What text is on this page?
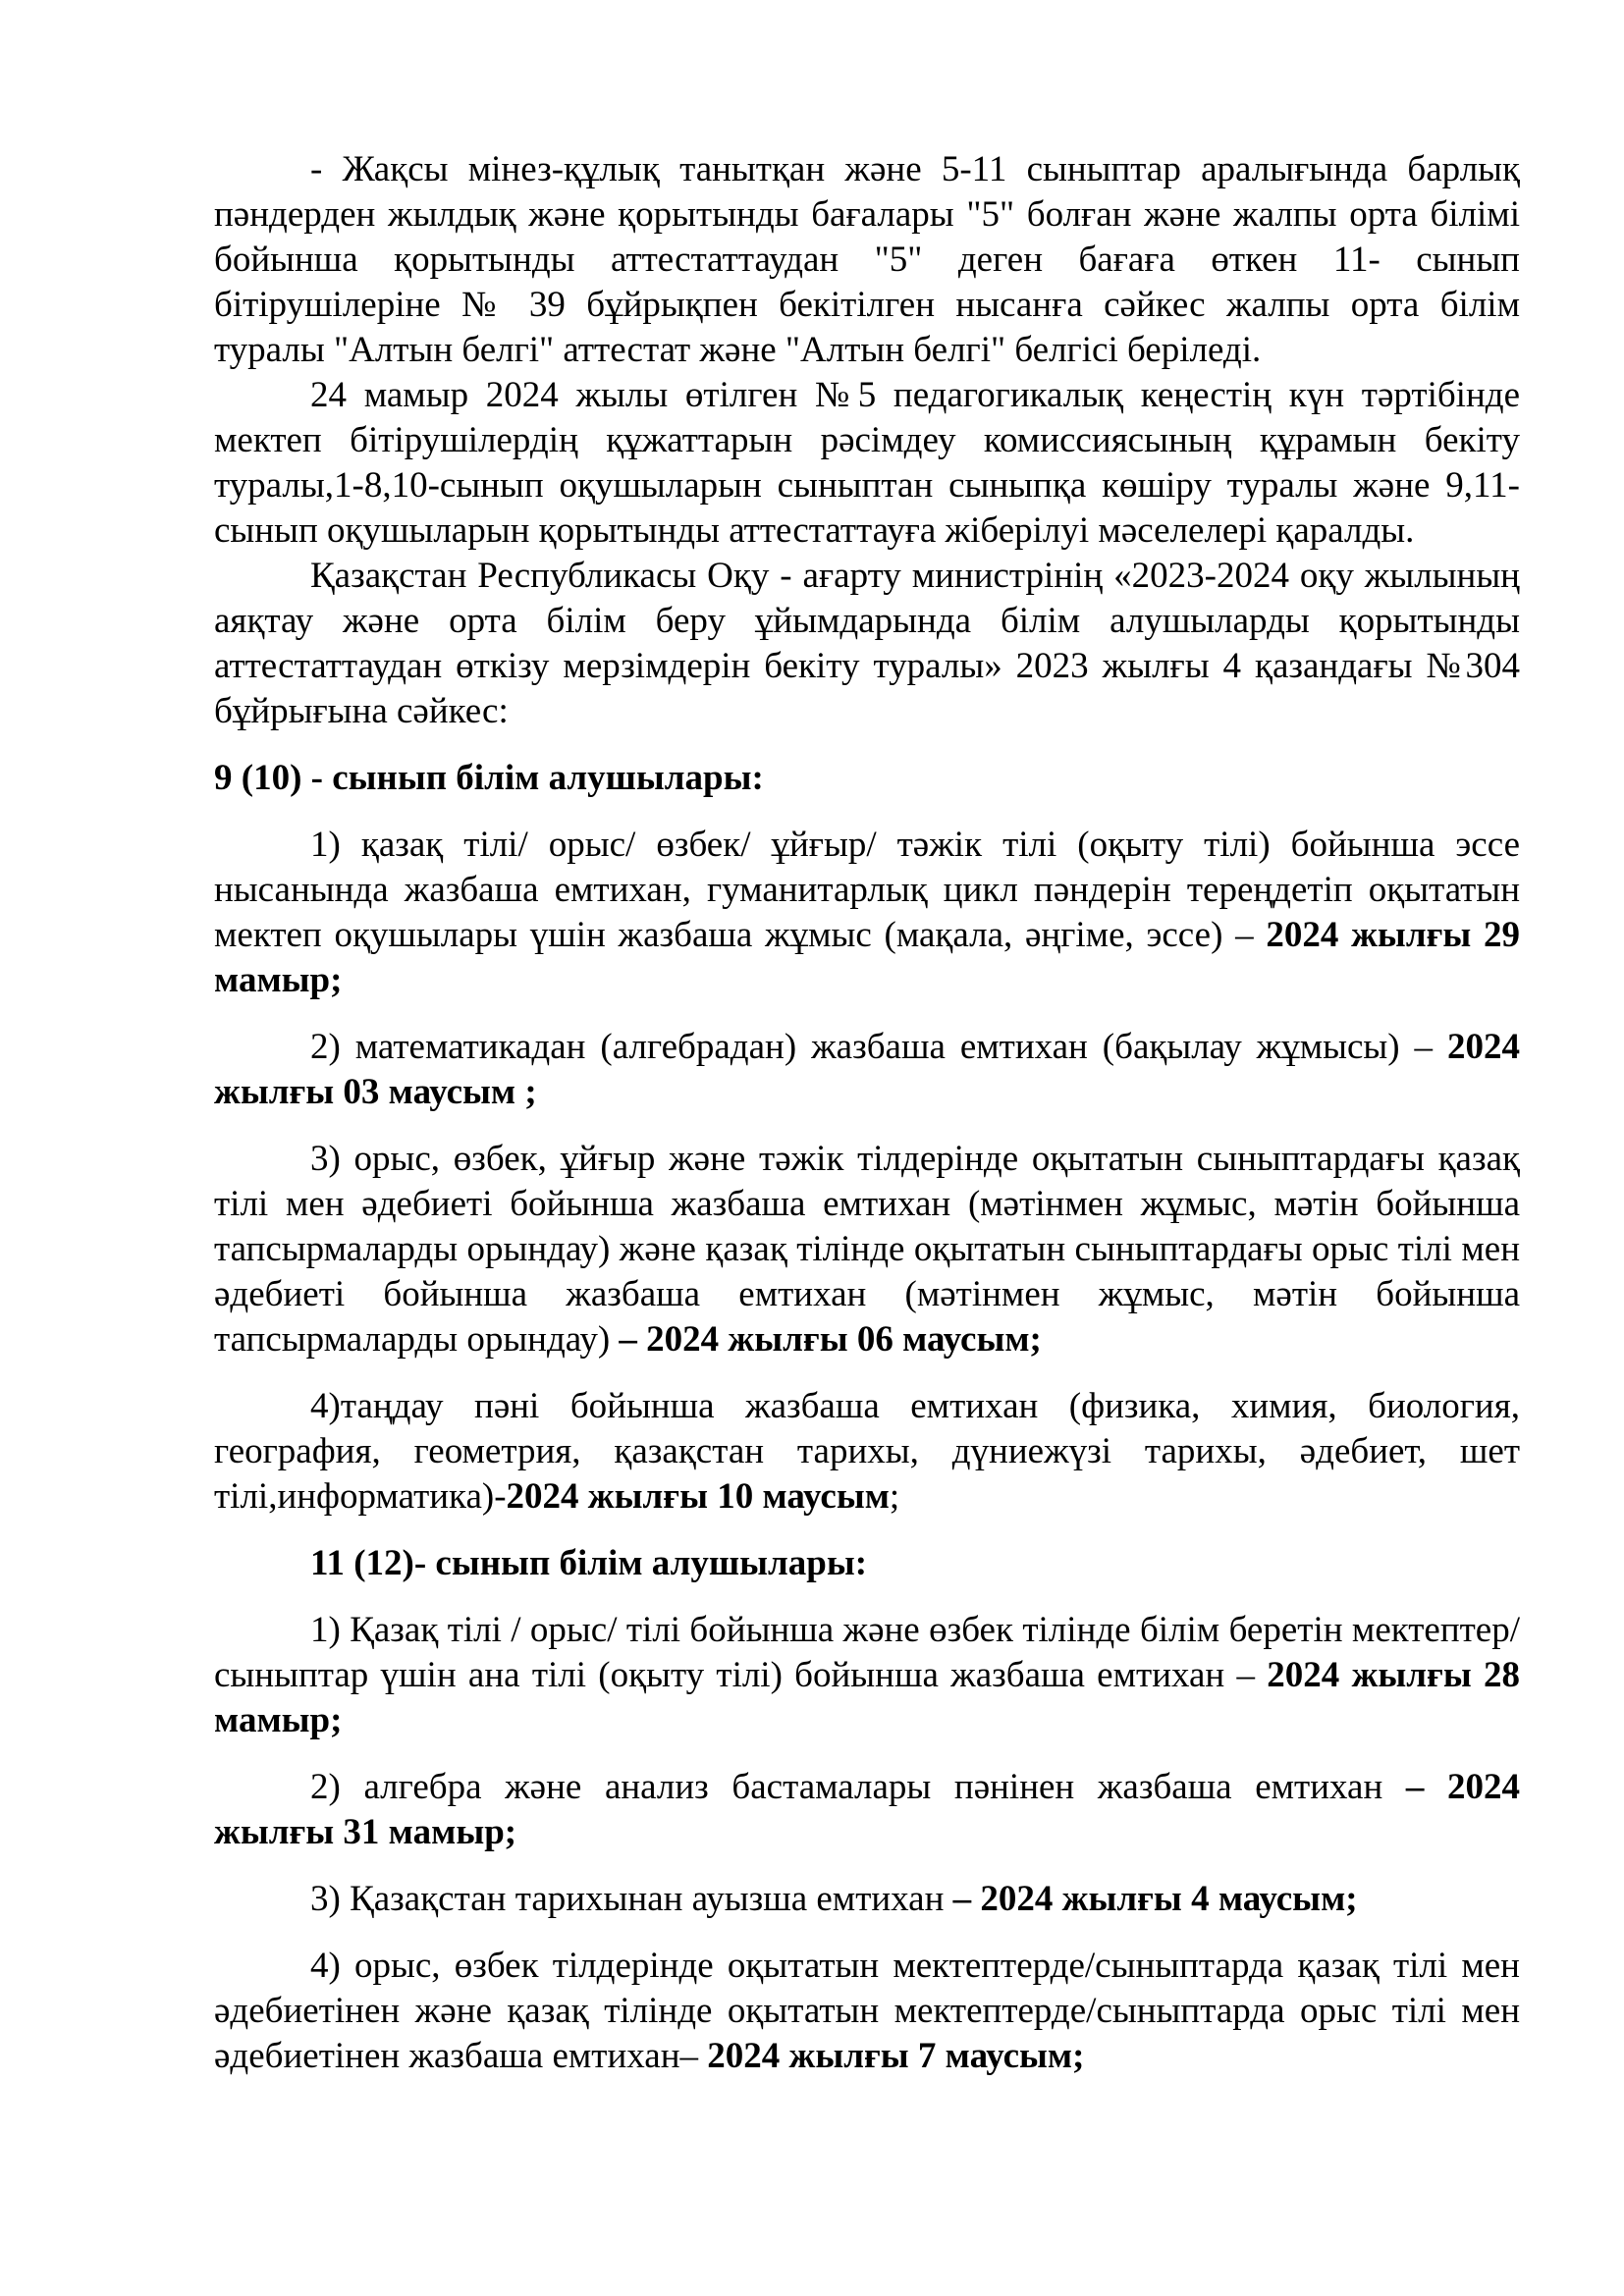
- Жақсы мінез-құлық танытқан және 5-11 сыныптар аралығында барлық пәндерден жылдық және қорытынды бағалары "5" болған және жалпы орта білімі бойынша қорытынды аттестаттаудан "5" деген бағаға өткен 11- сынып бітірушілеріне № 39 бұйрықпен бекітілген нысанға сәйкес жалпы орта білім туралы "Алтын белгі" аттестат және "Алтын белгі" белгісі беріледі.

24 мамыр 2024 жылы өтілген №5 педагогикалық кеңестің күн тәртібінде мектеп бітірушілердің құжаттарын рәсімдеу комиссиясының құрамын бекіту туралы,1-8,10-сынып оқушыларын сыныптан сыныпқа көшіру туралы және 9,11-сынып оқушыларын қорытынды аттестаттауға жіберілуі мәселелері қаралды.

Қазақстан Республикасы Оқу - ағарту министрінің «2023-2024 оқу жылының аяқтау және орта білім беру ұйымдарында білім алушыларды қорытынды аттестаттаудан өткізу мерзімдерін бекіту туралы» 2023 жылғы 4 қазандағы №304 бұйрығына сәйкес:

9 (10) - сынып білім алушылары:

1) қазақ тілі/ орыс/ өзбек/ ұйғыр/ тәжік тілі (оқыту тілі) бойынша эссе нысанында жазбаша емтихан, гуманитарлық цикл пәндерін тереңдетіп оқытатын мектеп оқушылары үшін жазбаша жұмыс (мақала, әңгіме, эссе) – 2024 жылғы 29 мамыр;

2) математикадан (алгебрадан) жазбаша емтихан (бақылау жұмысы) – 2024 жылғы 03 маусым ;

3) орыс, өзбек, ұйғыр және тәжік тілдерінде оқытатын сыныптардағы қазақ тілі мен әдебиеті бойынша жазбаша емтихан (мәтінмен жұмыс, мәтін бойынша тапсырмаларды орындау) және қазақ тілінде оқытатын сыныптардағы орыс тілі мен әдебиеті бойынша жазбаша емтихан (мәтінмен жұмыс, мәтін бойынша тапсырмаларды орындау) – 2024 жылғы 06 маусым;

4)таңдау пәні бойынша жазбаша емтихан (физика, химия, биология, география, геометрия, қазақстан тарихы, дүниежүзі тарихы, әдебиет, шет тілі,информатика)-2024 жылғы 10 маусым;

11 (12)- сынып білім алушылары:

1) Қазақ тілі / орыс/ тілі бойынша және өзбек тілінде білім беретін мектептер/сыныптар үшін ана тілі (оқыту тілі) бойынша жазбаша емтихан – 2024 жылғы 28 мамыр;

2) алгебра және анализ бастамалары пәнінен жазбаша емтихан – 2024 жылғы 31 мамыр;

3) Қазақстан тарихынан ауызша емтихан – 2024 жылғы 4 маусым;

4) орыс, өзбек тілдерінде оқытатын мектептерде/сыныптарда қазақ тілі мен әдебиетінен және қазақ тілінде оқытатын мектептерде/сыныптарда орыс тілі мен әдебиетінен жазбаша емтихан– 2024 жылғы 7 маусым;
